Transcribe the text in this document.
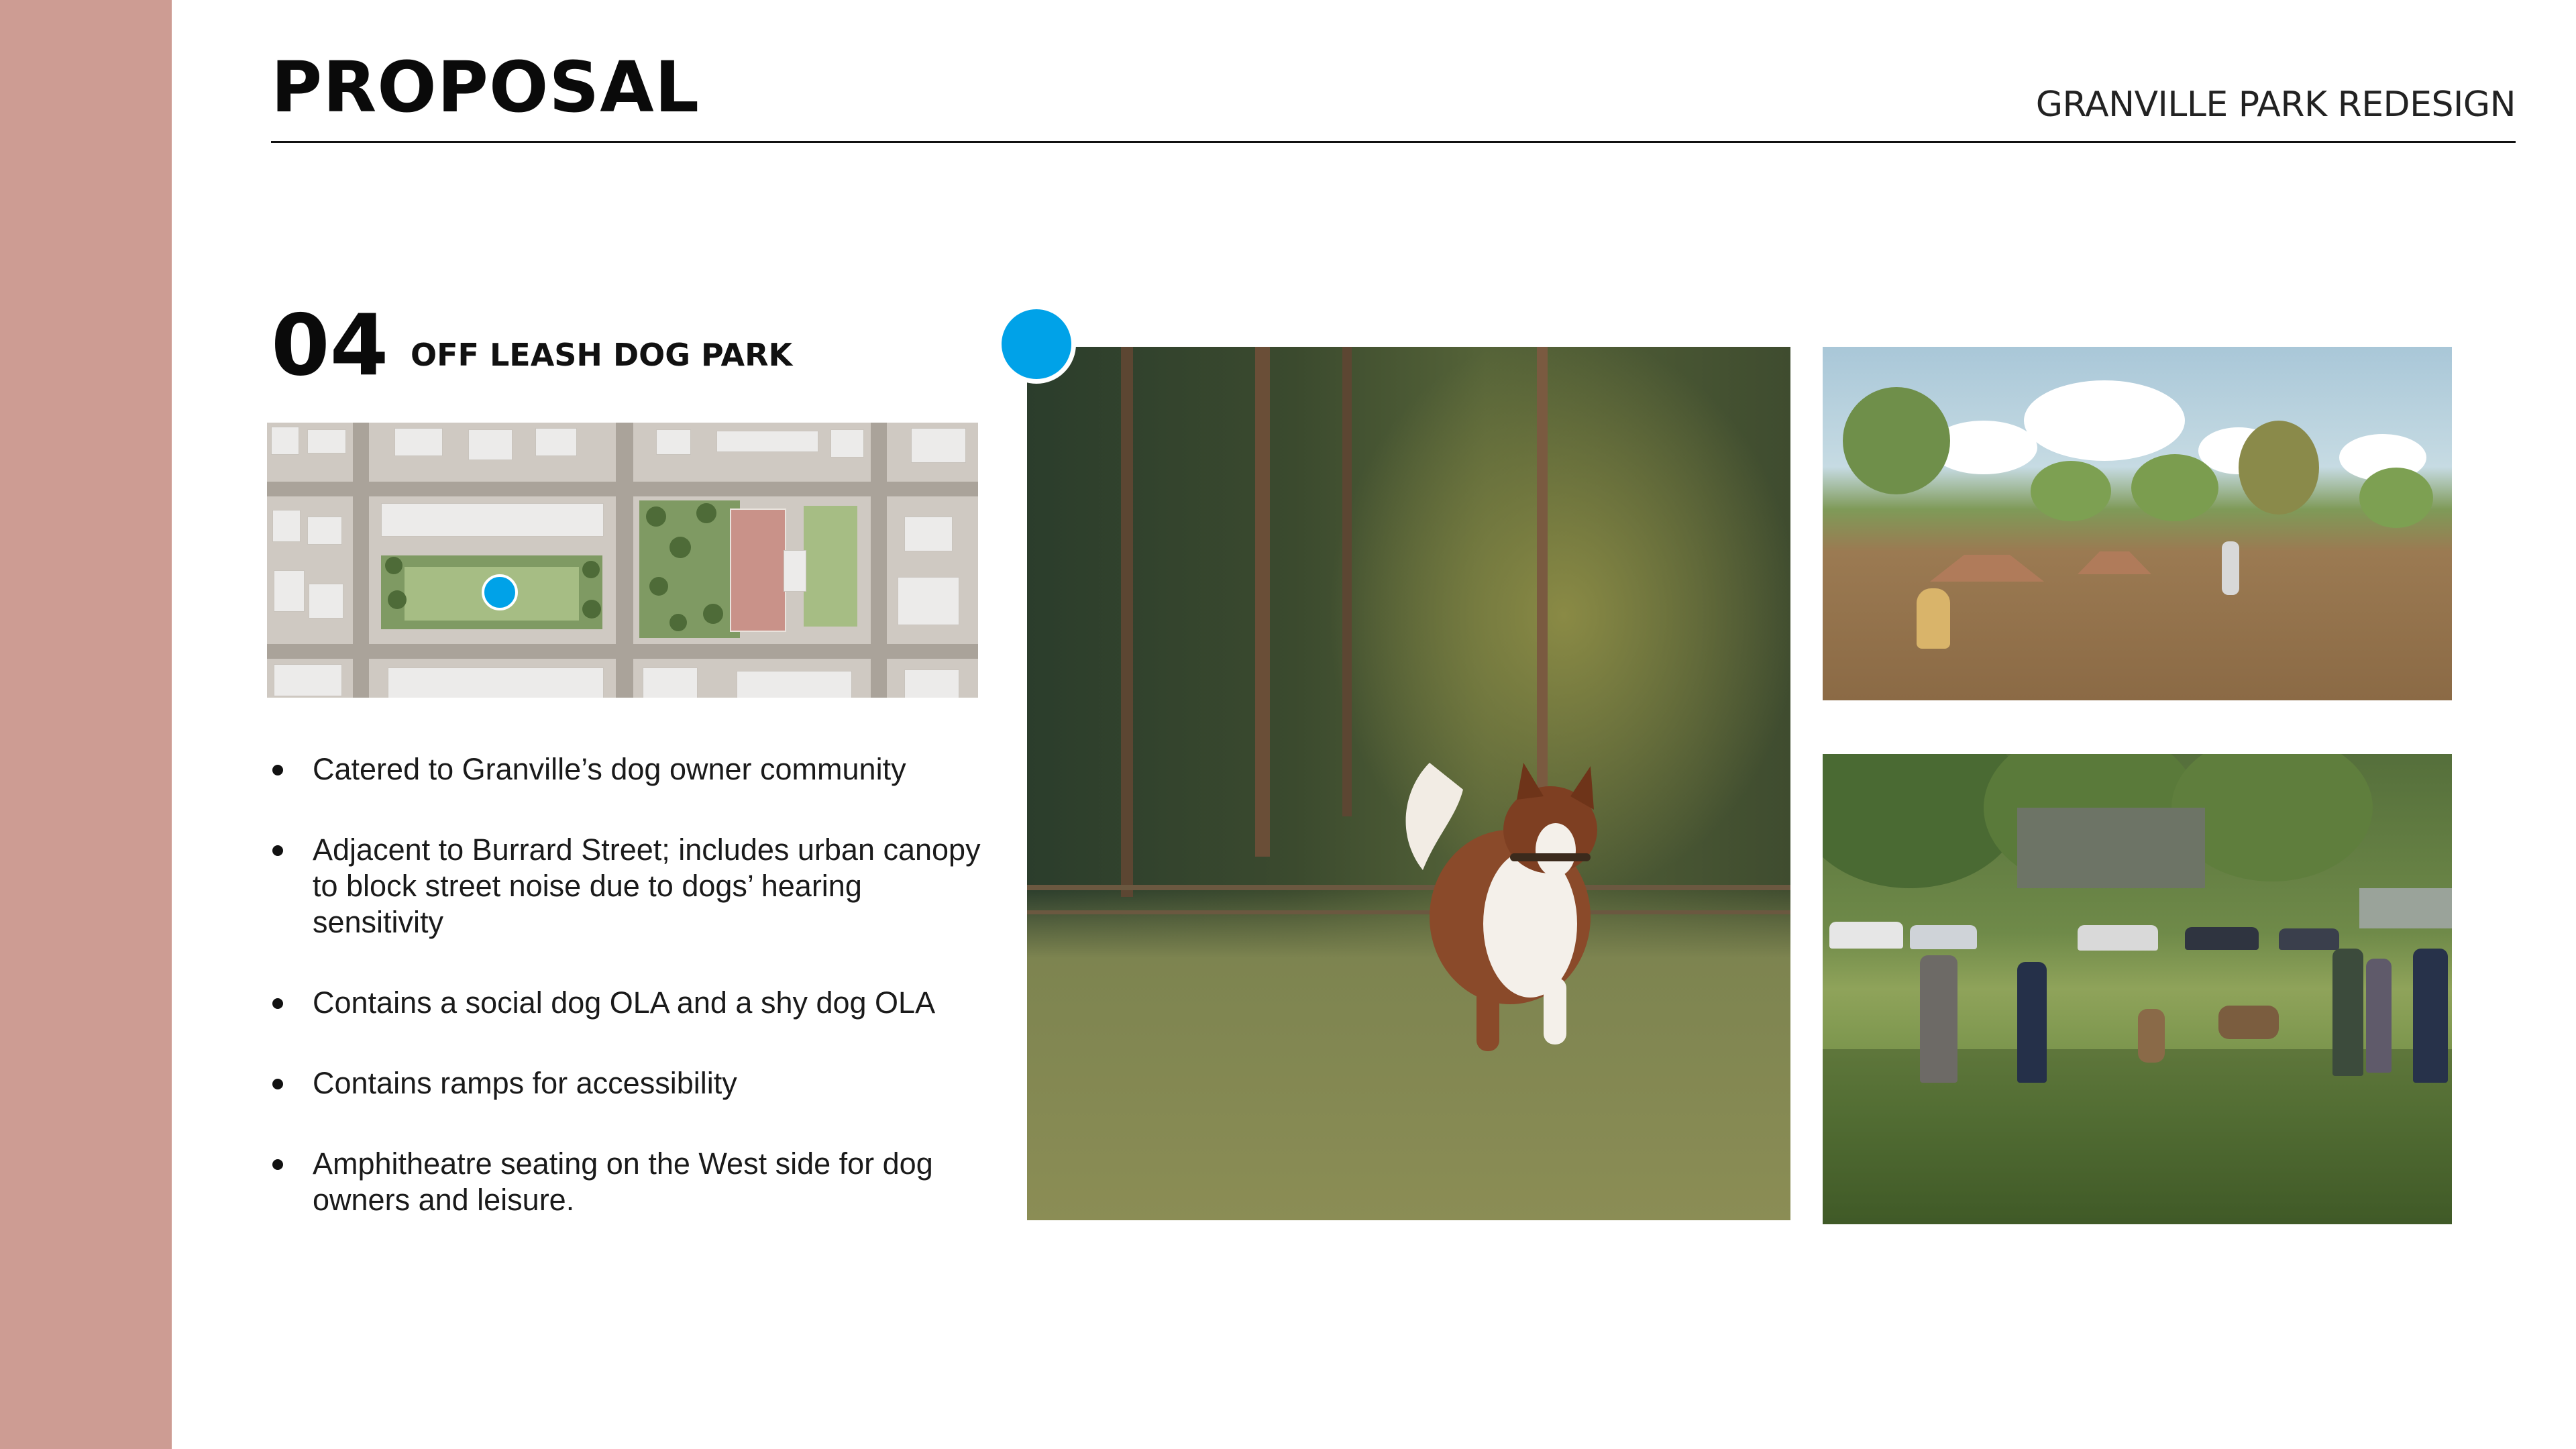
PROPOSAL	GRANVILLE PARK REDESIGN
04 OFF LEASH DOG PARK
Catered to Granville’s dog owner community
Adjacent to Burrard Street; includes urban canopy to block street noise due to dogs’ hearing sensitivity
Contains a social dog OLA and a shy dog OLA
Contains ramps for accessibility
Amphitheatre seating on the West side for dog owners and leisure.
